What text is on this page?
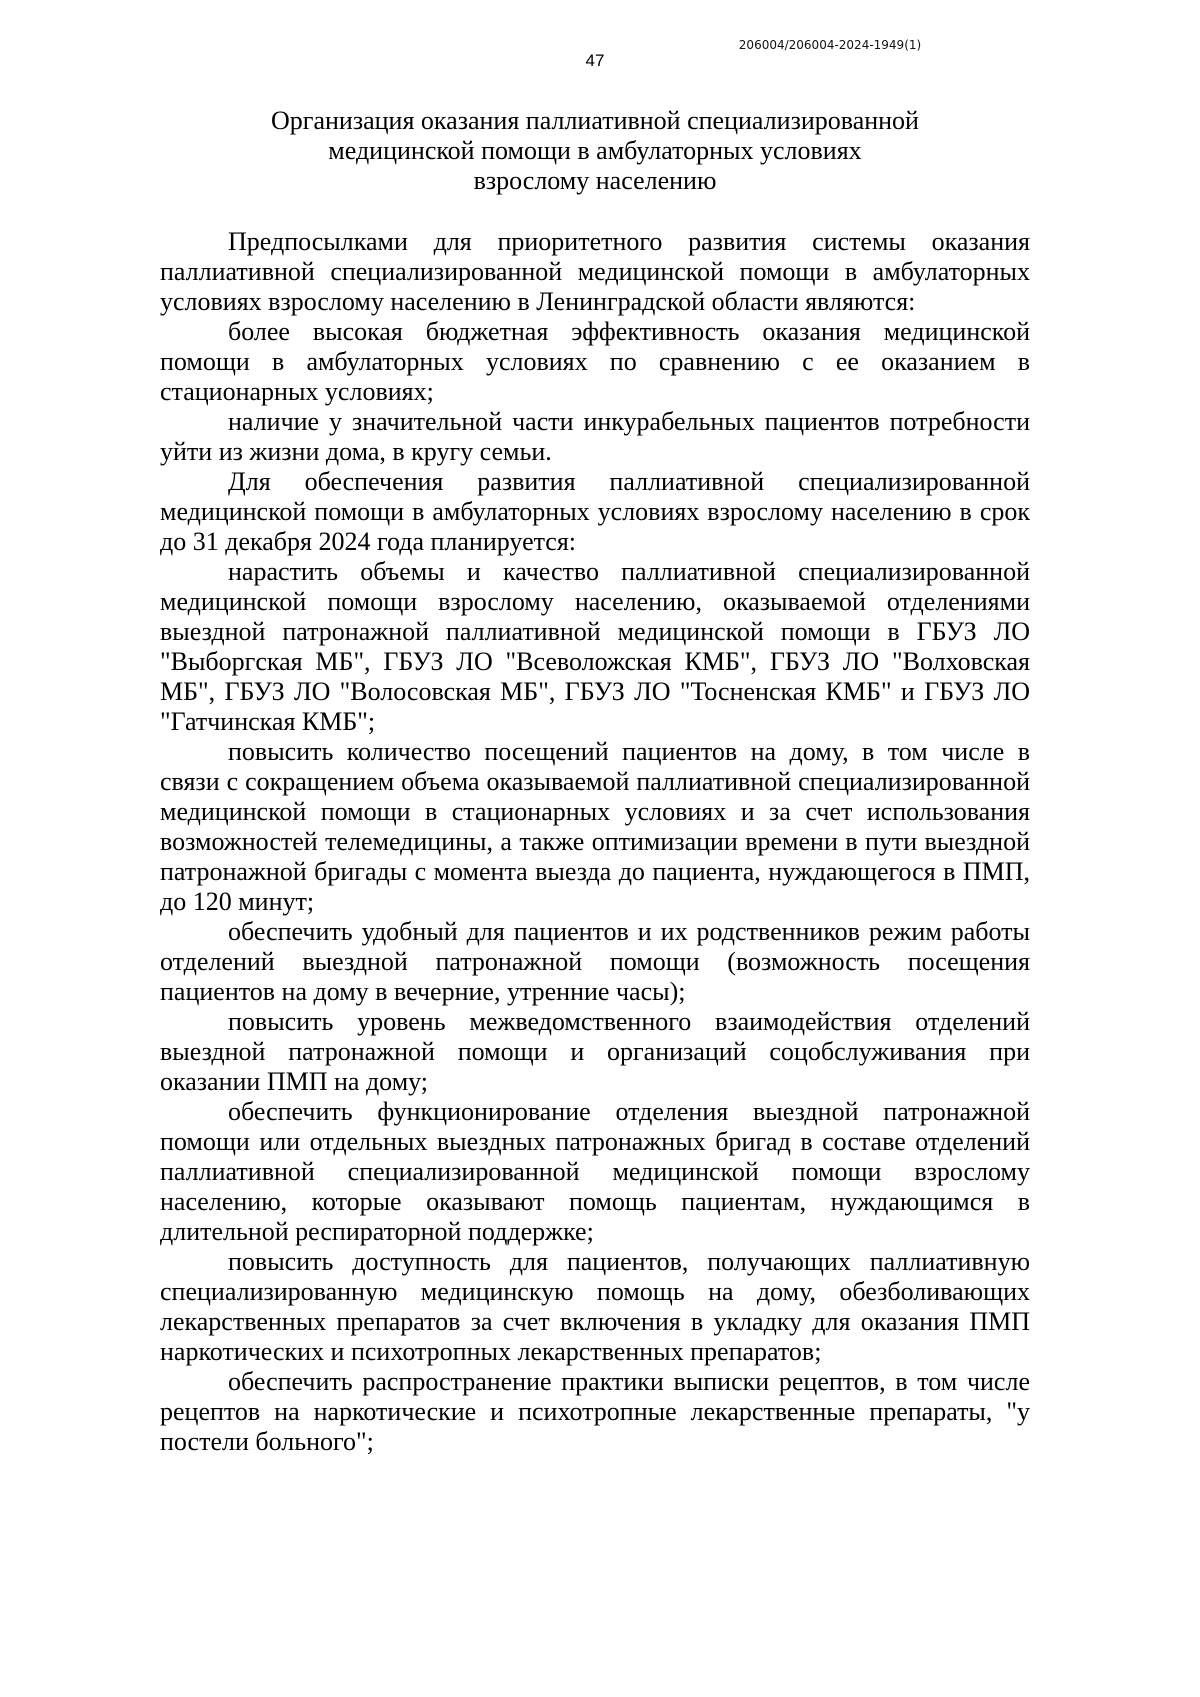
206004/206004-2024-1949(1)
47
Организация оказания паллиативной специализированной
медицинской помощи в амбулаторных условиях
взрослому населению

Предпосылками для приоритетного развития системы оказания паллиативной специализированной медицинской помощи в амбулаторных условиях взрослому населению в Ленинградской области являются:

более высокая бюджетная эффективность оказания медицинской помощи в амбулаторных условиях по сравнению с ее оказанием в стационарных условиях;

наличие у значительной части инкурабельных пациентов потребности уйти из жизни дома, в кругу семьи.

Для обеспечения развития паллиативной специализированной медицинской помощи в амбулаторных условиях взрослому населению в срок до 31 декабря 2024 года планируется:

нарастить объемы и качество паллиативной специализированной медицинской помощи взрослому населению, оказываемой отделениями выездной патронажной паллиативной медицинской помощи в ГБУЗ ЛО "Выборгская МБ", ГБУЗ ЛО "Всеволожская КМБ", ГБУЗ ЛО "Волховская МБ", ГБУЗ ЛО "Волосовская МБ", ГБУЗ ЛО "Тосненская КМБ" и ГБУЗ ЛО "Гатчинская КМБ";

повысить количество посещений пациентов на дому, в том числе в связи с сокращением объема оказываемой паллиативной специализированной медицинской помощи в стационарных условиях и за счет использования возможностей телемедицины, а также оптимизации времени в пути выездной патронажной бригады с момента выезда до пациента, нуждающегося в ПМП, до 120 минут;

обеспечить удобный для пациентов и их родственников режим работы отделений выездной патронажной помощи (возможность посещения пациентов на дому в вечерние, утренние часы);

повысить уровень межведомственного взаимодействия отделений выездной патронажной помощи и организаций соцобслуживания при оказании ПМП на дому;

обеспечить функционирование отделения выездной патронажной помощи или отдельных выездных патронажных бригад в составе отделений паллиативной специализированной медицинской помощи взрослому населению, которые оказывают помощь пациентам, нуждающимся в длительной респираторной поддержке;

повысить доступность для пациентов, получающих паллиативную специализированную медицинскую помощь на дому, обезболивающих лекарственных препаратов за счет включения в укладку для оказания ПМП наркотических и психотропных лекарственных препаратов;

обеспечить распространение практики выписки рецептов, в том числе рецептов на наркотические и психотропные лекарственные препараты, "у постели больного";
